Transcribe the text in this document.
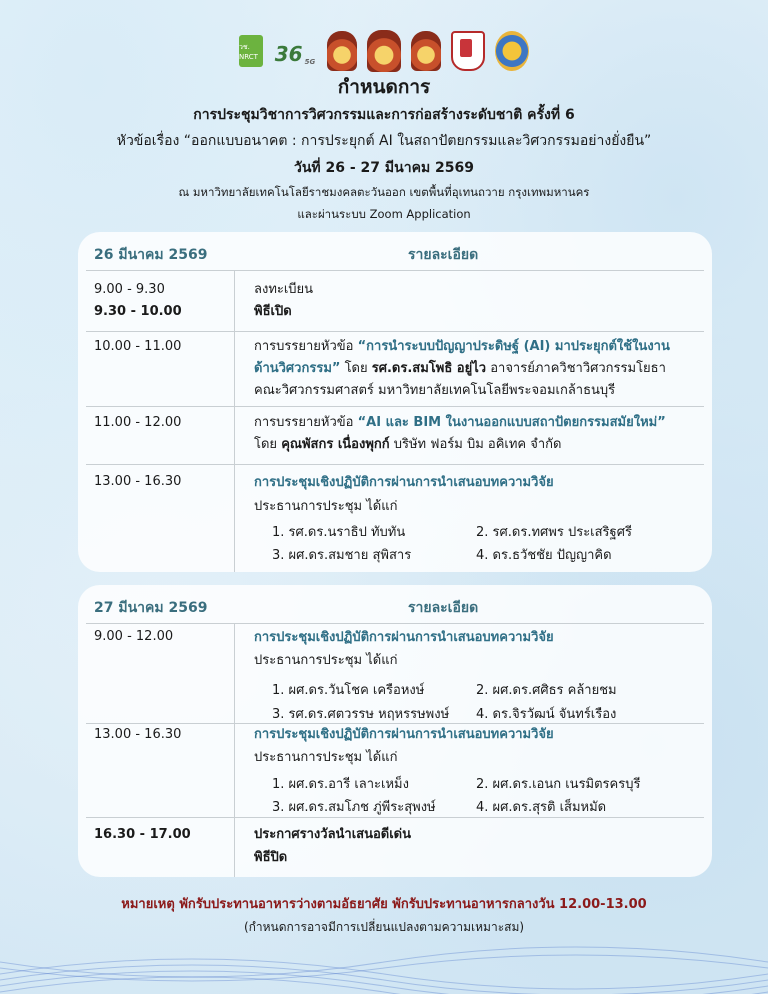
วช. NRCT 36 5G
กำหนดการ
การประชุมวิชาการวิศวกรรมและการก่อสร้างระดับชาติ ครั้งที่ 6
หัวข้อเรื่อง “ออกแบบอนาคต : การประยุกต์ AI ในสถาปัตยกรรมและวิศวกรรมอย่างยั่งยืน”
วันที่ 26 - 27 มีนาคม 2569
ณ มหาวิทยาลัยเทคโนโลยีราชมงคลตะวันออก เขตพื้นที่อุเทนถวาย กรุงเทพมหานคร
และผ่านระบบ Zoom Application
26 มีนาคม 2569	รายละเอียด
9.00 - 9.30	ลงทะเบียน
9.30 - 10.00	พิธีเปิด
10.00 - 11.00	การบรรยายหัวข้อ “การนำระบบปัญญาประดิษฐ์ (AI) มาประยุกต์ใช้ในงาน
ด้านวิศวกรรม” โดย รศ.ดร.สมโพธิ อยู่ไว อาจารย์ภาควิชาวิศวกรรมโยธา
คณะวิศวกรรมศาสตร์ มหาวิทยาลัยเทคโนโลยีพระจอมเกล้าธนบุรี
11.00 - 12.00	การบรรยายหัวข้อ “AI และ BIM ในงานออกแบบสถาปัตยกรรมสมัยใหม่”
โดย คุณพัสกร เนื่องพุกก์ บริษัท ฟอร์ม บิม อคิเทค จำกัด
13.00 - 16.30	การประชุมเชิงปฏิบัติการผ่านการนำเสนอบทความวิจัย
ประธานการประชุม ได้แก่
1. รศ.ดร.นราธิป ทับทัน	2. รศ.ดร.ทศพร ประเสริฐศรี
3. ผศ.ดร.สมชาย สุพิสาร	4. ดร.ธวัชชัย ปัญญาคิด
27 มีนาคม 2569	รายละเอียด
9.00 - 12.00	การประชุมเชิงปฏิบัติการผ่านการนำเสนอบทความวิจัย
ประธานการประชุม ได้แก่
1. ผศ.ดร.วันโชค เครือหงษ์	2. ผศ.ดร.ศศิธร คล้ายชม
3. รศ.ดร.ศตวรรษ หฤหรรษพงษ์ 4. ดร.จิรวัฒน์ จันทร์เรือง
13.00 - 16.30	การประชุมเชิงปฏิบัติการผ่านการนำเสนอบทความวิจัย
ประธานการประชุม ได้แก่
1. ผศ.ดร.อารี เลาะเหม็ง	2. ผศ.ดร.เอนก เนรมิตรครบุรี
3. ผศ.ดร.สมโภช ภู่พีระสุพงษ์	4. ผศ.ดร.สุรติ เส็มหมัด
16.30 - 17.00	ประกาศรางวัลนำเสนอดีเด่น
พิธีปิด
หมายเหตุ พักรับประทานอาหารว่างตามอัธยาศัย พักรับประทานอาหารกลางวัน 12.00-13.00
(กำหนดการอาจมีการเปลี่ยนแปลงตามความเหมาะสม)
